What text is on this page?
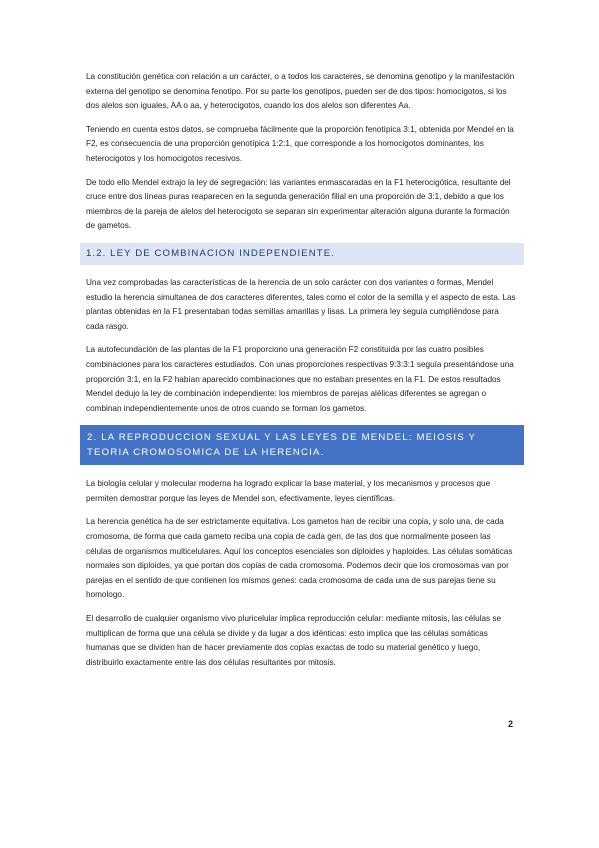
La constitución genética con relación a un carácter, o a todos los caracteres, se denomina genotipo y la manifestación externa del genotipo se denomina fenotipo. Por su parte los genotipos, pueden ser de dos tipos: homocigotos, si los dos alelos son iguales, AA o aa, y heterocigotos, cuando los dos alelos son diferentes Aa.

Teniendo en cuenta estos datos, se comprueba fácilmente que la proporción fenotípica 3:1, obtenida por Mendel en la F2, es consecuencia de una proporción genotípica 1:2:1, que corresponde a los homocigotos dominantes, los heterocigotos y los homocigotos recesivos.

De todo ello Mendel extrajo la ley de segregación: las variantes enmascaradas en la F1 heterocigótica, resultante del cruce entre dos líneas puras reaparecen en la segunda generación filial en una proporción de 3:1, debido a que los miembros de la pareja de alelos del heterocigoto se separan sin experimentar alteración alguna durante la formación de gametos.

1.2. LEY DE COMBINACION INDEPENDIENTE.

Una vez comprobadas las características de la herencia de un solo carácter con dos variantes o formas, Mendel estudio la herencia simultanea de dos caracteres diferentes, tales como el color de la semilla y el aspecto de esta. Las plantas obtenidas en la F1 presentaban todas semillas amarillas y lisas. La primera ley seguía cumpliéndose para cada rasgo.

La autofecundación de las plantas de la F1 proporciono una generación F2 constituida por las cuatro posibles combinaciones para los caracteres estudiados. Con unas proporciones respectivas 9:3:3:1 seguía presentándose una proporción 3:1, en la F2 habían aparecido combinaciones que no estaban presentes en la F1. De estos resultados Mendel dedujo la ley de combinación independiente: los miembros de parejas alélicas diferentes se agregan o combinan independientemente unos de otros cuando se forman los gametos.

2. LA REPRODUCCION SEXUAL Y LAS LEYES DE MENDEL: MEIOSIS Y TEORIA CROMOSOMICA DE LA HERENCIA.

La biología celular y molecular moderna ha logrado explicar la base material, y los mecanismos y procesos que permiten demostrar porque las leyes de Mendel son, efectivamente, leyes científicas.

La herencia genética ha de ser estrictamente equitativa. Los gametos han de recibir una copia, y solo una, de cada cromosoma, de forma que cada gameto reciba una copia de cada gen, de las dos que normalmente poseen las células de organismos multicelulares. Aquí los conceptos esenciales son diploides y haploides. Las células somáticas normales son diploides, ya que portan dos copias de cada cromosoma. Podemos decir que los cromosomas van por parejas en el sentido de que contienen los mismos genes: cada cromosoma de cada una de sus parejas tiene su homologo.

El desarrollo de cualquier organismo vivo pluricelular implica reproducción celular: mediante mitosis, las células se multiplican de forma que una célula se divide y da lugar a dos idénticas: esto implica que las células somáticas humanas que se dividen han de hacer previamente dos copias exactas de todo su material genético y luego, distribuirlo exactamente entre las dos células resultantes por mitosis.

2
